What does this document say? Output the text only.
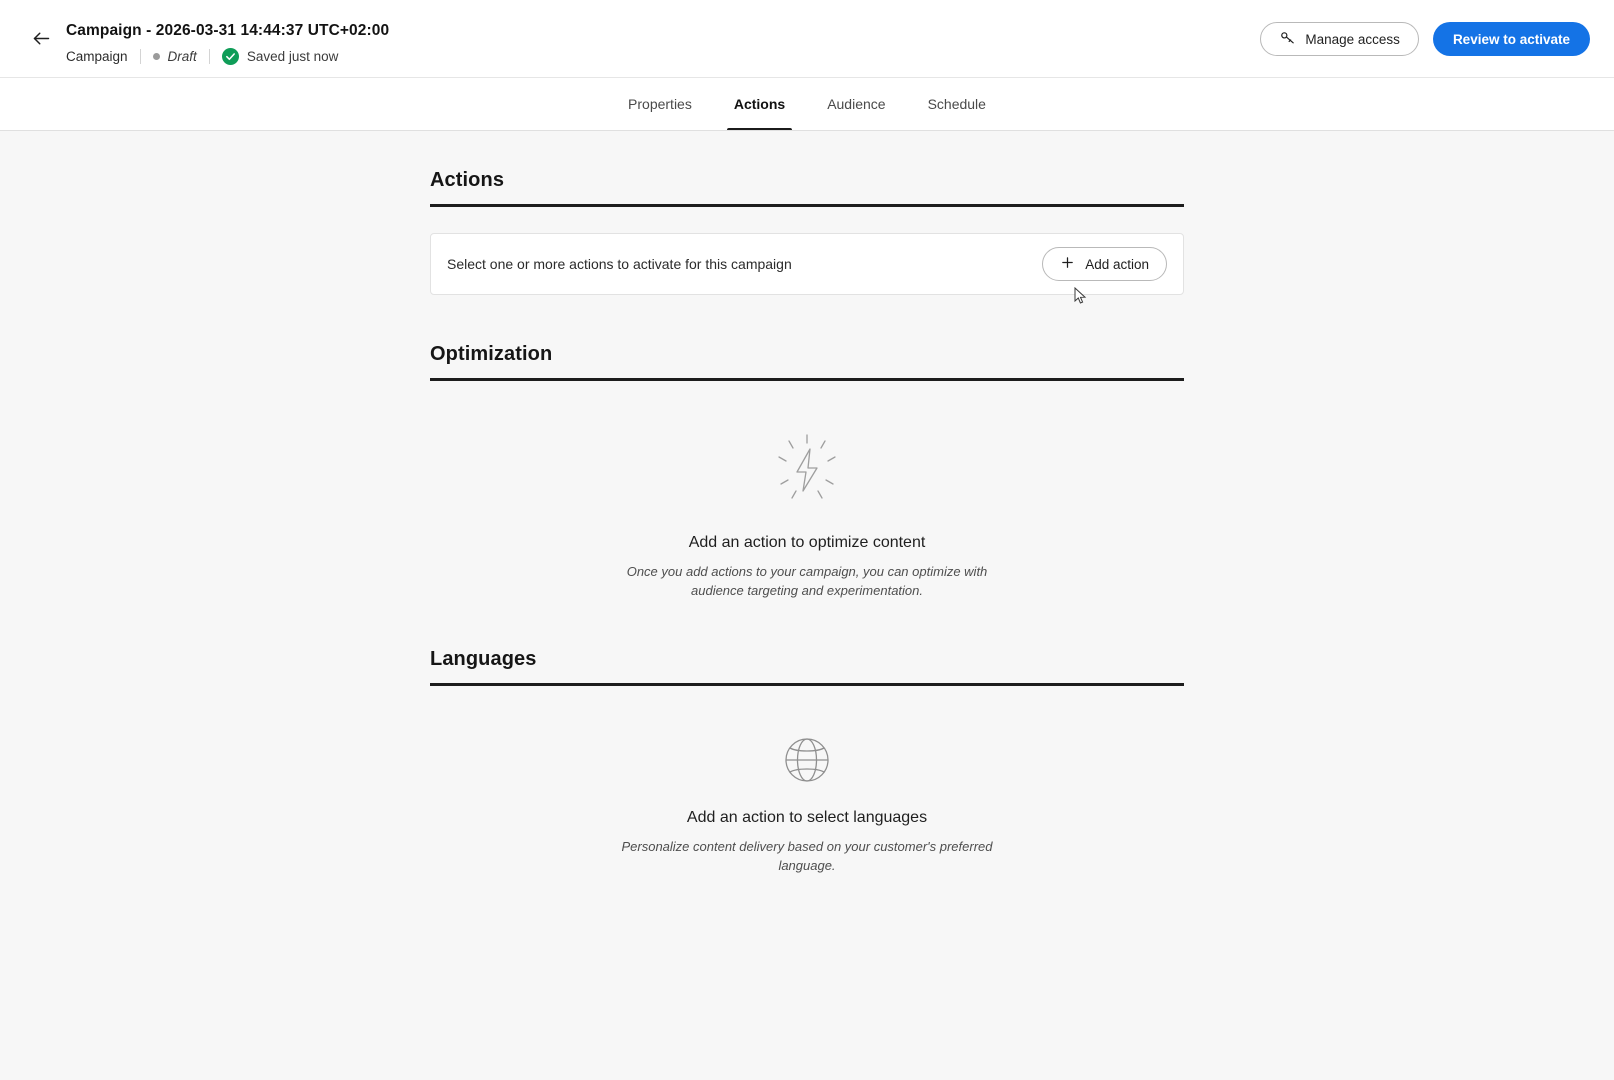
Campaign - 2026-03-31 14:44:37 UTC+02:00
Campaign	Draft	Saved just now
Manage access	Review to activate
Properties	Actions	Audience	Schedule
Actions
Select one or more actions to activate for this campaign	Add action
Optimization
Add an action to optimize content
Once you add actions to your campaign, you can optimize with audience targeting and experimentation.
Languages
Add an action to select languages
Personalize content delivery based on your customer's preferred language.
